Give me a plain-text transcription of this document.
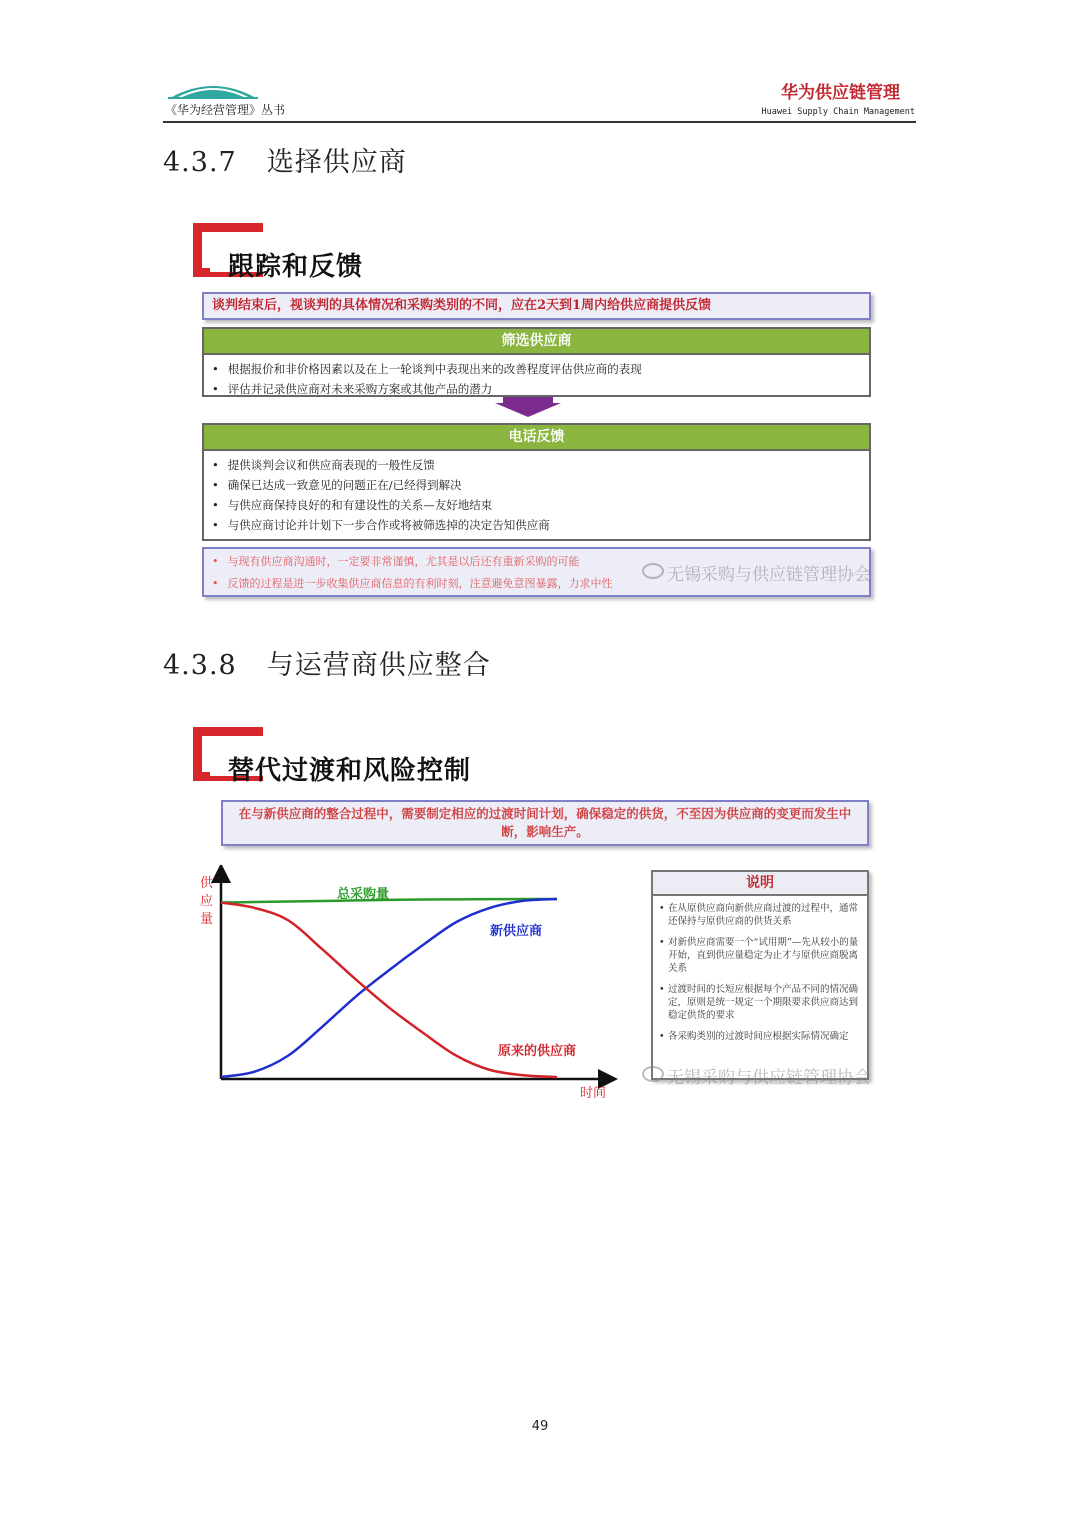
《华为经营管理》丛书
华为供应链管理
Huawei Supply Chain Management
4.3.7 选择供应商
跟踪和反馈
谈判结束后，视谈判的具体情况和采购类别的不同，应在2天到1周内给供应商提供反馈
筛选供应商
• 根据报价和非价格因素以及在上一轮谈判中表现出来的改善程度评估供应商的表现
• 评估并记录供应商对未来采购方案或其他产品的潜力
电话反馈
• 提供谈判会议和供应商表现的一般性反馈
• 确保已达成一致意见的问题正在/已经得到解决
• 与供应商保持良好的和有建设性的关系—友好地结束
• 与供应商讨论并计划下一步合作或将被筛选掉的决定告知供应商
• 与现有供应商沟通时，一定要非常谨慎，尤其是以后还有重新采购的可能
• 反馈的过程是进一步收集供应商信息的有利时刻，注意避免意图暴露，力求中性	无锡采购与供应链管理协会
4.3.8 与运营商供应整合
替代过渡和风险控制
在与新供应商的整合过程中，需要制定相应的过渡时间计划，确保稳定的供货，不至因为供应商的变更而发生中断，影响生产。
供
应
量
时间
总采购量
新供应商
原来的供应商
说明
• 在从原供应商向新供应商过渡的过程中，通常还保持与原供应商的供货关系
• 对新供应商需要一个“试用期”—先从较小的量开始，直到供应量稳定为止才与原供应商脱离关系
• 过渡时间的长短应根据每个产品不同的情况确定，原则是统一规定一个期限要求供应商达到稳定供货的要求
• 各采购类别的过渡时间应根据实际情况确定
无锡采购与供应链管理协会
49
